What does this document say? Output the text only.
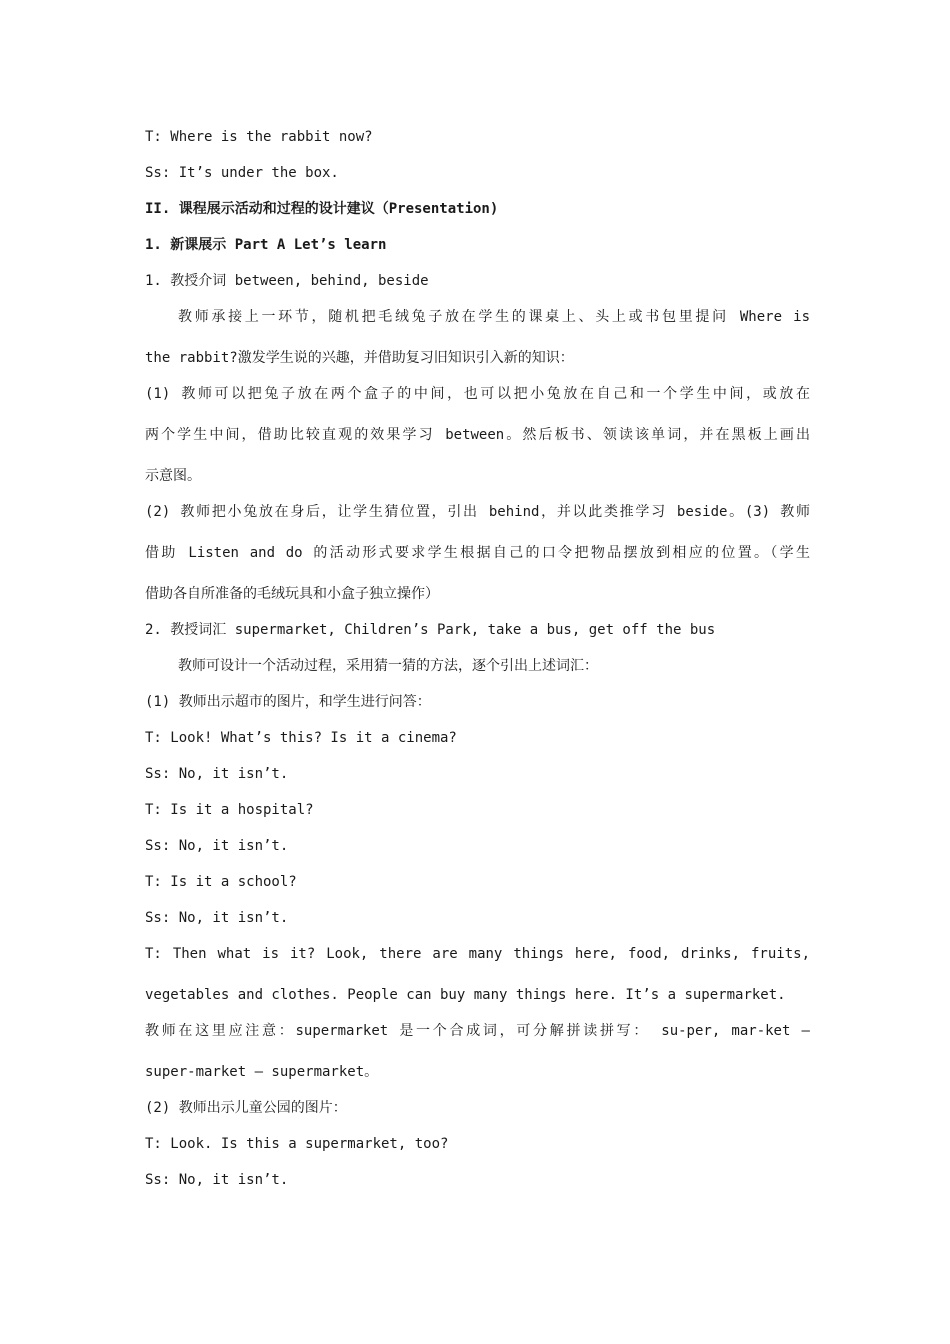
T: Where is the rabbit now?
Ss: It’s under the box.
II. 课程展示活动和过程的设计建议（Presentation)
1. 新课展示 Part A Let’s learn
1. 教授介词 between, behind, beside
教师承接上一环节，随机把毛绒兔子放在学生的课桌上、头上或书包里提问 Where is
the rabbit?激发学生说的兴趣，并借助复习旧知识引入新的知识：
(1) 教师可以把兔子放在两个盒子的中间，也可以把小兔放在自己和一个学生中间，或放在
两个学生中间，借助比较直观的效果学习 between。然后板书、领读该单词，并在黑板上画出
示意图。
(2) 教师把小兔放在身后，让学生猜位置，引出 behind，并以此类推学习 beside。(3) 教师
借助 Listen and do 的活动形式要求学生根据自己的口令把物品摆放到相应的位置。（学生
借助各自所准备的毛绒玩具和小盒子独立操作）
2. 教授词汇 supermarket, Children’s Park, take a bus, get off the bus
教师可设计一个活动过程，采用猜一猜的方法，逐个引出上述词汇：
(1) 教师出示超市的图片，和学生进行问答：
T: Look! What’s this? Is it a cinema?
Ss: No, it isn’t.
T: Is it a hospital?
Ss: No, it isn’t.
T: Is it a school?
Ss: No, it isn’t.
T: Then what is it? Look, there are many things here, food, drinks, fruits,
vegetables and clothes. People can buy many things here. It’s a supermarket.
教师在这里应注意：supermarket 是一个合成词，可分解拼读拼写： su-per, mar-ket —
super-market — supermarket。
(2) 教师出示儿童公园的图片：
T: Look. Is this a supermarket, too?
Ss: No, it isn’t.
